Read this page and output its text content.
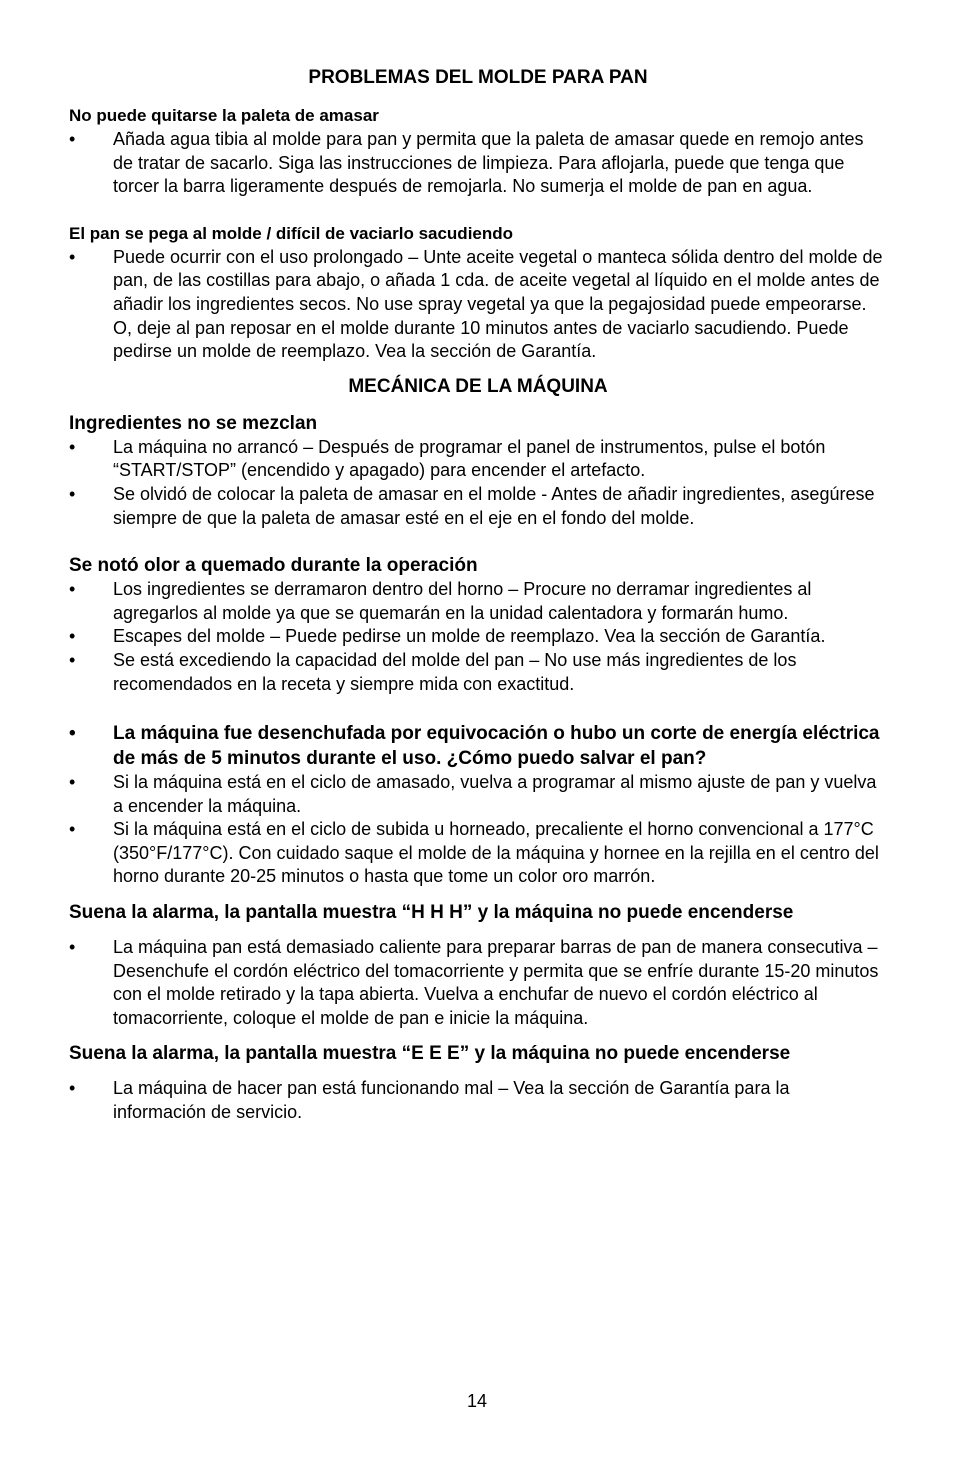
PROBLEMAS DEL MOLDE PARA PAN
No puede quitarse la paleta de amasar
• Añada agua tibia al molde para pan y permita que la paleta de amasar quede en remojo antes de tratar de sacarlo. Siga las instrucciones de limpieza. Para aflojarla, puede que tenga que torcer la barra ligeramente después de remojarla. No sumerja el molde de pan en agua.
El pan se pega al molde / difícil de vaciarlo sacudiendo
• Puede ocurrir con el uso prolongado – Unte aceite vegetal o manteca sólida dentro del molde de pan, de las costillas para abajo, o añada 1 cda. de aceite vegetal al líquido en el molde antes de añadir los ingredientes secos. No use spray vegetal ya que la pegajosidad puede empeorarse. O, deje al pan reposar en el molde durante 10 minutos antes de vaciarlo sacudiendo. Puede pedirse un molde de reemplazo. Vea la sección de Garantía.
MECÁNICA DE LA MÁQUINA
Ingredientes no se mezclan
• La máquina no arrancó – Después de programar el panel de instrumentos, pulse el botón “START/STOP” (encendido y apagado) para encender el artefacto.
• Se olvidó de colocar la paleta de amasar en el molde - Antes de añadir ingredientes, asegúrese siempre de que la paleta de amasar esté en el eje en el fondo del molde.
Se notó olor a quemado durante la operación
• Los ingredientes se derramaron dentro del horno – Procure no derramar ingredientes al agregarlos al molde ya que se quemarán en la unidad calentadora y formarán humo.
• Escapes del molde – Puede pedirse un molde de reemplazo. Vea la sección de Garantía.
• Se está excediendo la capacidad del molde del pan – No use más ingredientes de los recomendados en la receta y siempre mida con exactitud.
• La máquina fue desenchufada por equivocación o hubo un corte de energía eléctrica de más de 5 minutos durante el uso. ¿Cómo puedo salvar el pan?
• Si la máquina está en el ciclo de amasado, vuelva a programar al mismo ajuste de pan y vuelva a encender la máquina.
• Si la máquina está en el ciclo de subida u horneado, precaliente el horno convencional a 177°C (350°F/177°C). Con cuidado saque el molde de la máquina y hornee en la rejilla en el centro del horno durante 20-25 minutos o hasta que tome un color oro marrón.
Suena la alarma, la pantalla muestra “H H H” y la máquina no puede encenderse
• La máquina pan está demasiado caliente para preparar barras de pan de manera consecutiva – Desenchufe el cordón eléctrico del tomacorriente y permita que se enfríe durante 15-20 minutos con el molde retirado y la tapa abierta. Vuelva a enchufar de nuevo el cordón eléctrico al tomacorriente, coloque el molde de pan e inicie la máquina.
Suena la alarma, la pantalla muestra “E E E” y la máquina no puede encenderse
• La máquina de hacer pan está funcionando mal – Vea la sección de Garantía para la información de servicio.
14
